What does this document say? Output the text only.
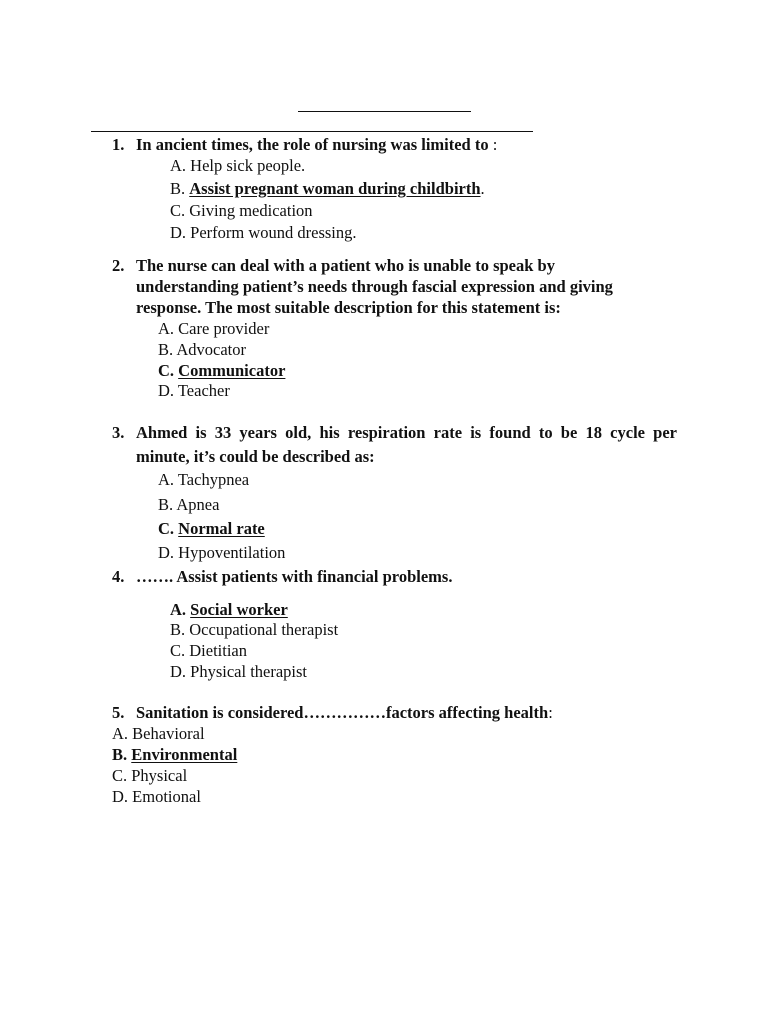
1. In ancient times, the role of nursing was limited to :
A. Help sick people.
B. Assist pregnant woman during childbirth.
C. Giving medication
D. Perform wound dressing.
2. The nurse can deal with a patient who is unable to speak by
understanding patient’s needs through fascial expression and giving
response. The most suitable description for this statement is:
A. Care provider
B. Advocator
C. Communicator
D. Teacher
3. Ahmed is 33 years old, his respiration rate is found to be 18 cycle per
minute, it’s could be described as:
A. Tachypnea
B. Apnea
C. Normal rate
D. Hypoventilation
4. ……. Assist patients with financial problems.
A. Social worker
B. Occupational therapist
C. Dietitian
D. Physical therapist
5. Sanitation is considered……………factors affecting health:
A. Behavioral
B. Environmental
C. Physical
D. Emotional
